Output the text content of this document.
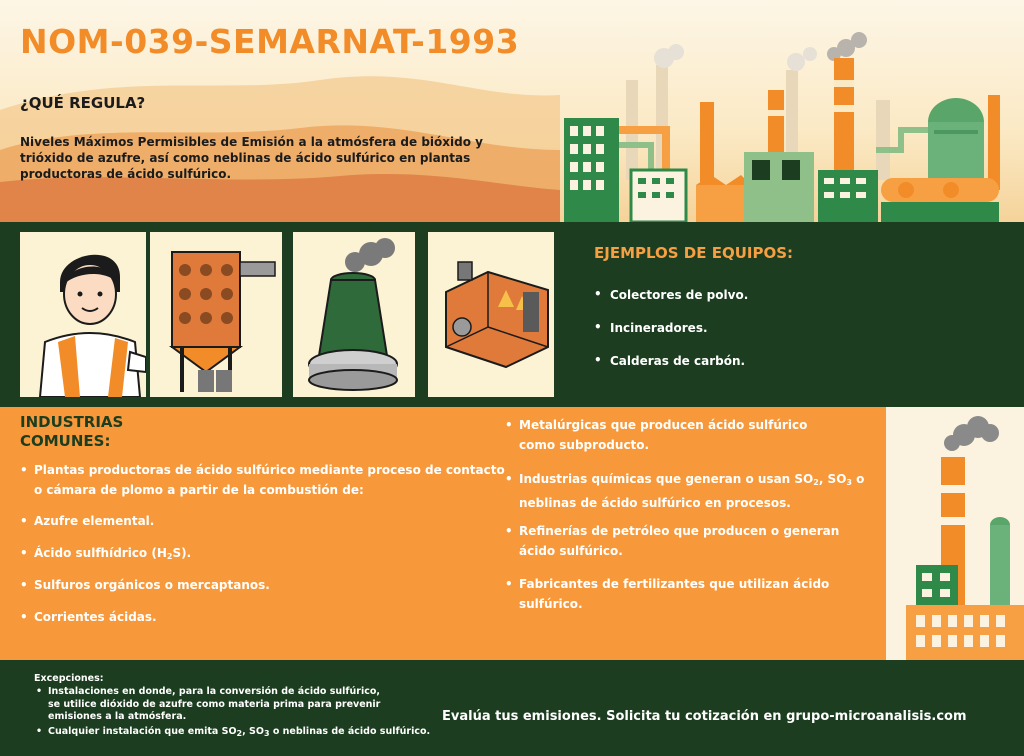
NOM-039-SEMARNAT-1993
¿QUÉ REGULA?
Niveles Máximos Permisibles de Emisión a la atmósfera de bióxido y trióxido de azufre, así como neblinas de ácido sulfúrico en plantas productoras de ácido sulfúrico.
EJEMPLOS DE EQUIPOS:
• Colectores de polvo.
• Incineradores.
• Calderas de carbón.
INDUSTRIAS
COMUNES:
• Plantas productoras de ácido sulfúrico mediante proceso de contacto
o cámara de plomo a partir de la combustión de:
• Azufre elemental.
• Ácido sulfhídrico $(H_2S)$.
• Sulfuros orgánicos o mercaptanos.
• Corrientes ácidas.
• Metalúrgicas que producen ácido sulfúrico
como subproducto.
• Industrias químicas que generan o usan $SO_2$, $SO_3$ o
neblinas de ácido sulfúrico en procesos.
• Refinerías de petróleo que producen o generan
ácido sulfúrico.
• Fabricantes de fertilizantes que utilizan ácido sulfúrico.
Excepciones:
• Instalaciones en donde, para la conversión de ácido sulfúrico,
se utilice dióxido de azufre como materia prima para prevenir
emisiones a la atmósfera.
• Cualquier instalación que emita $SO_2$, $SO_3$ o neblinas de ácido sulfúrico.
Evalúa tus emisiones. Solicita tu cotización en grupo-microanalisis.com
